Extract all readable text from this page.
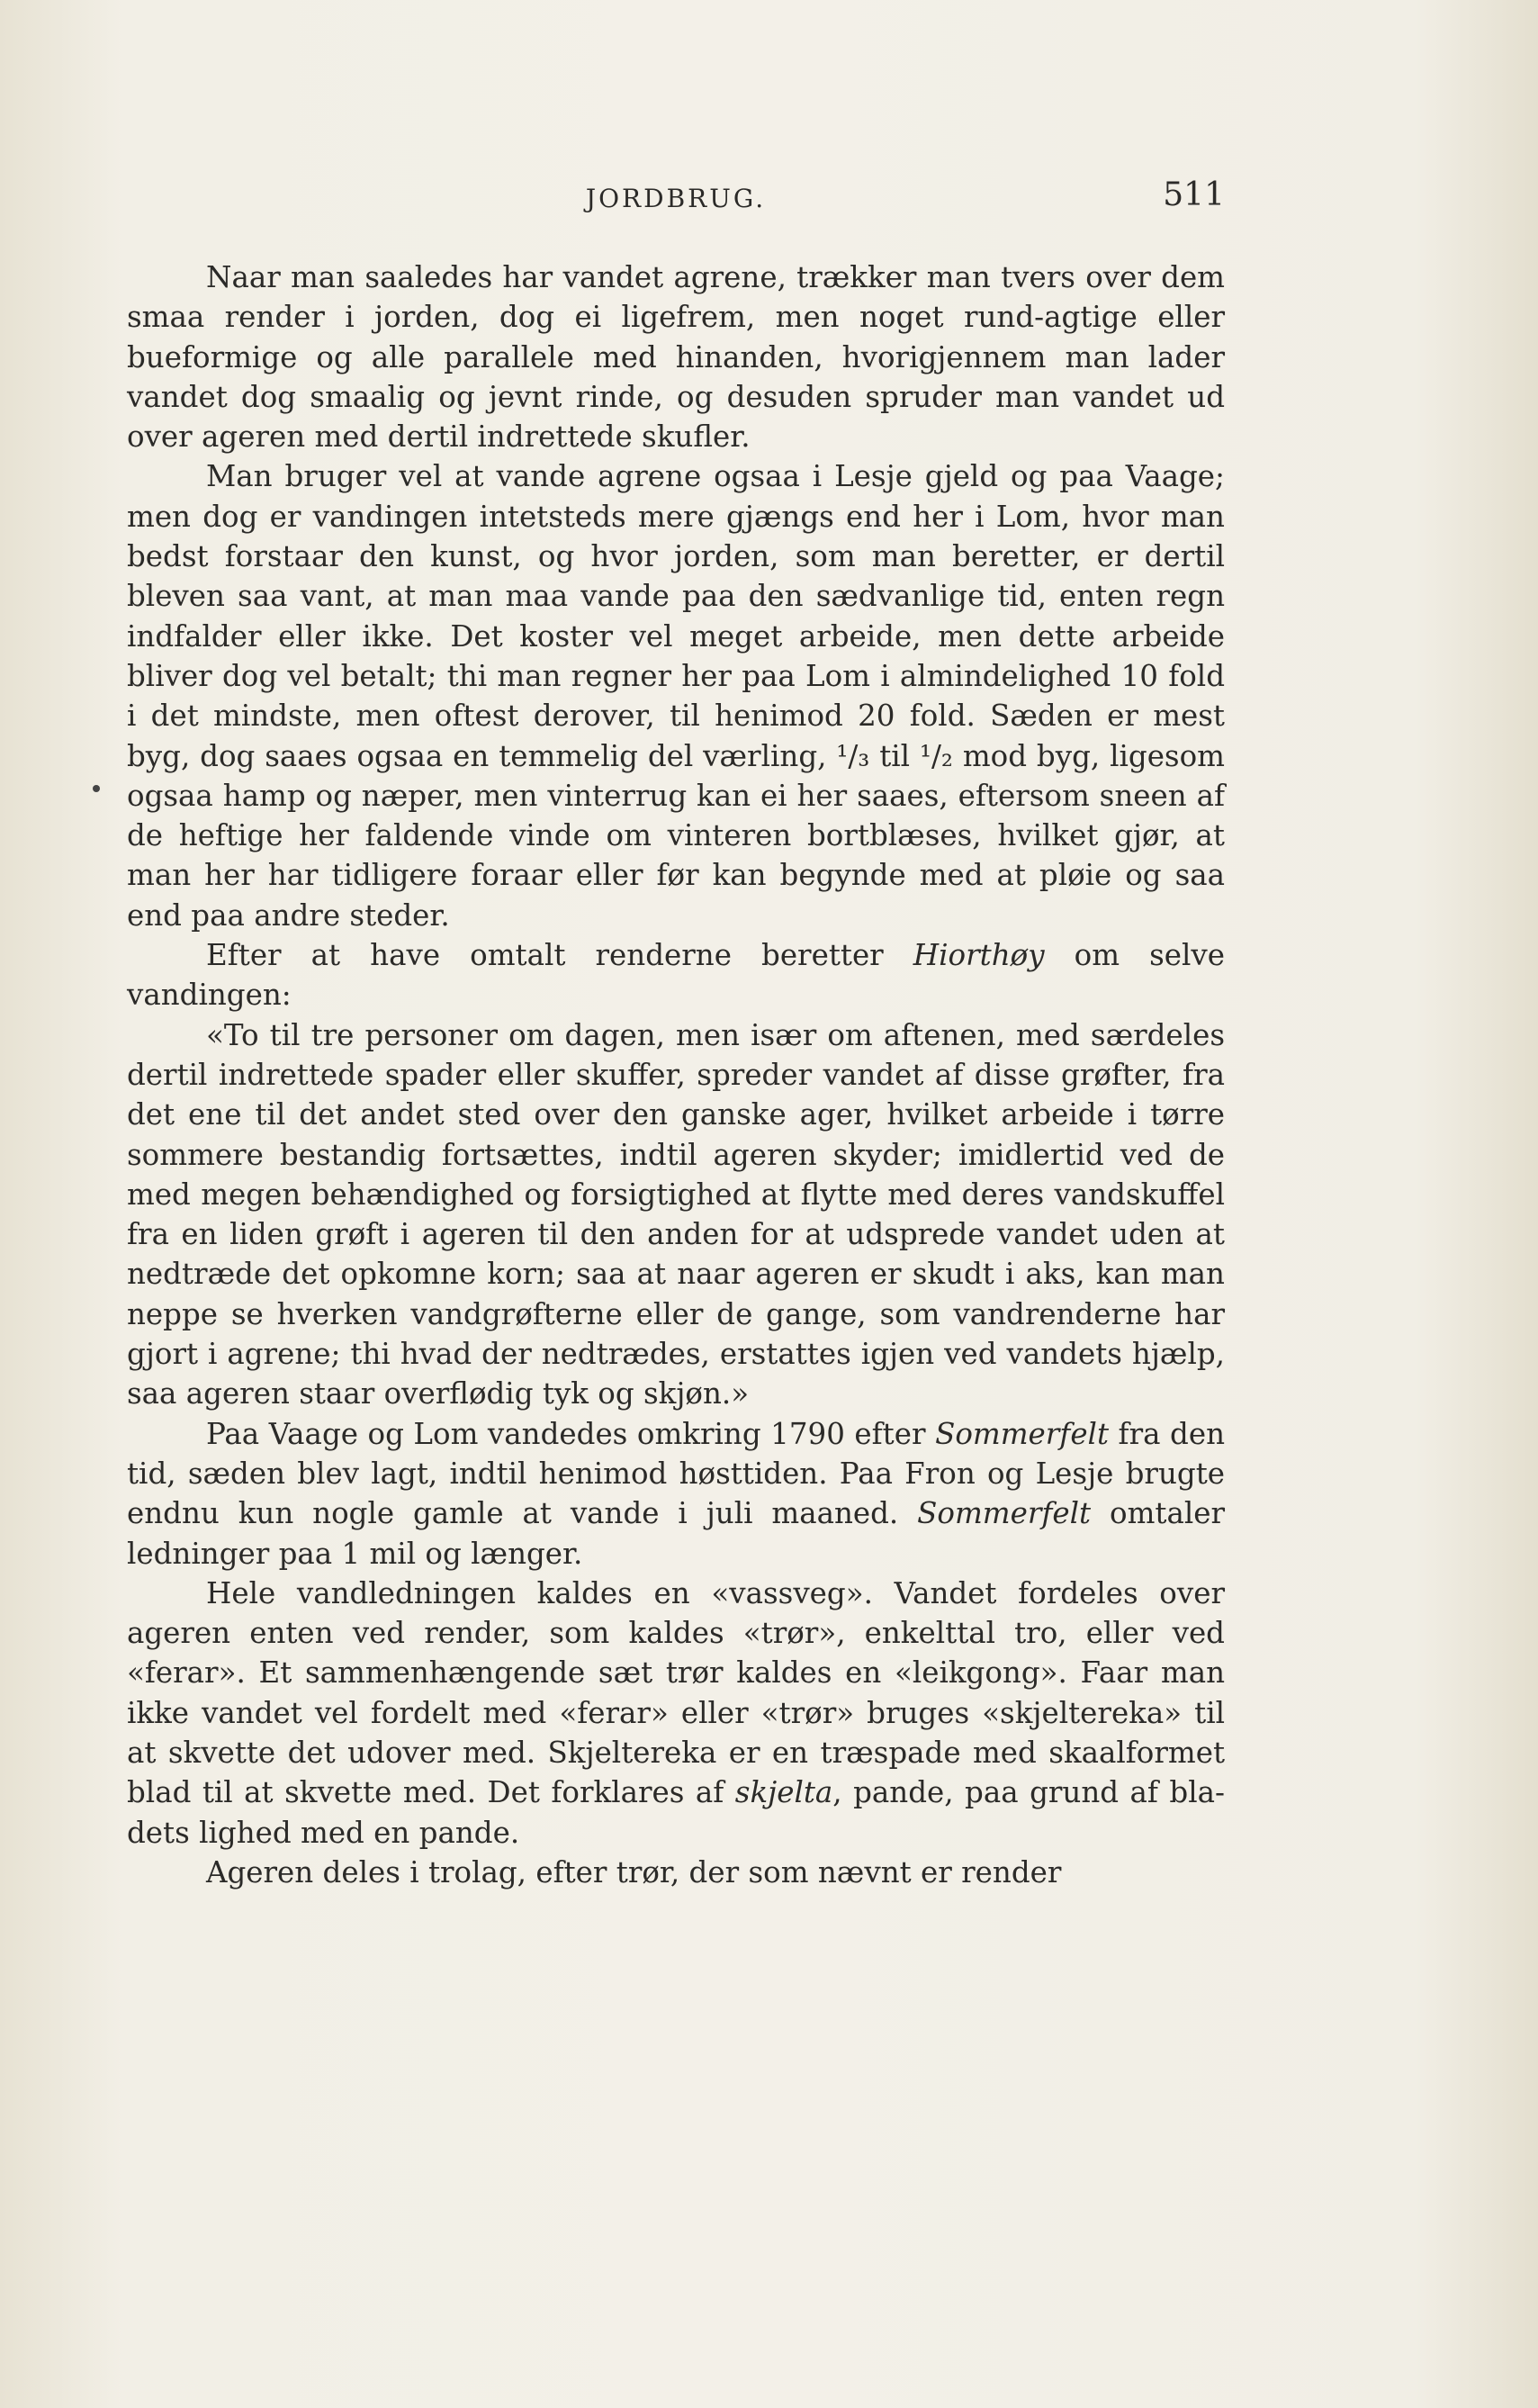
JORDBRUG.	511

Naar man saaledes har vandet agrene, trækker man tvers over dem smaa render i jorden, dog ei ligefrem, men noget rund-agtige eller bueformige og alle parallele med hinanden, hvorigjennem man lader vandet dog smaalig og jevnt rinde, og desuden spruder man vandet ud over ageren med dertil indrettede skufler.

Man bruger vel at vande agrene ogsaa i Lesje gjeld og paa Vaage; men dog er vandingen intetsteds mere gjængs end her i Lom, hvor man bedst forstaar den kunst, og hvor jorden, som man beretter, er dertil bleven saa vant, at man maa vande paa den sædvanlige tid, enten regn indfalder eller ikke. Det koster vel meget arbeide, men dette arbeide bliver dog vel betalt; thi man regner her paa Lom i almindelighed 10 fold i det mindste, men oftest derover, til henimod 20 fold. Sæden er mest byg, dog saaes ogsaa en temmelig del værling, ¹/₃ til ¹/₂ mod byg, ligesom ogsaa hamp og næper, men vinterrug kan ei her saaes, eftersom sneen af de heftige her faldende vinde om vinteren bortblæses, hvilket gjør, at man her har tidligere foraar eller før kan begynde med at pløie og saa end paa andre steder.

Efter at have omtalt renderne beretter Hiorthøy om selve vandingen:

«To til tre personer om dagen, men især om aftenen, med særdeles dertil indrettede spader eller skuffer, spreder vandet af disse grøfter, fra det ene til det andet sted over den ganske ager, hvilket arbeide i tørre sommere bestandig fortsættes, indtil ageren skyder; imidlertid ved de med megen behændighed og forsigtighed at flytte med deres vandskuffel fra en liden grøft i ageren til den anden for at udsprede vandet uden at nedtræde det opkomne korn; saa at naar ageren er skudt i aks, kan man neppe se hverken vandgrøfterne eller de gange, som vandrenderne har gjort i agrene; thi hvad der nedtrædes, erstattes igjen ved vandets hjælp, saa ageren staar overflødig tyk og skjøn.»

Paa Vaage og Lom vandedes omkring 1790 efter Sommerfelt fra den tid, sæden blev lagt, indtil henimod høsttiden. Paa Fron og Lesje brugte endnu kun nogle gamle at vande i juli maaned. Sommerfelt omtaler ledninger paa 1 mil og længer.

Hele vandledningen kaldes en «vassveg». Vandet fordeles over ageren enten ved render, som kaldes «trør», enkelttal tro, eller ved «ferar». Et sammenhængende sæt trør kaldes en «leikgong». Faar man ikke vandet vel fordelt med «ferar» eller «trør» bruges «skjeltereka» til at skvette det udover med. Skjeltereka er en træspade med skaalformet blad til at skvette med. Det forklares af skjelta, pande, paa grund af bla-dets lighed med en pande.

Ageren deles i trolag, efter trør, der som nævnt er render
